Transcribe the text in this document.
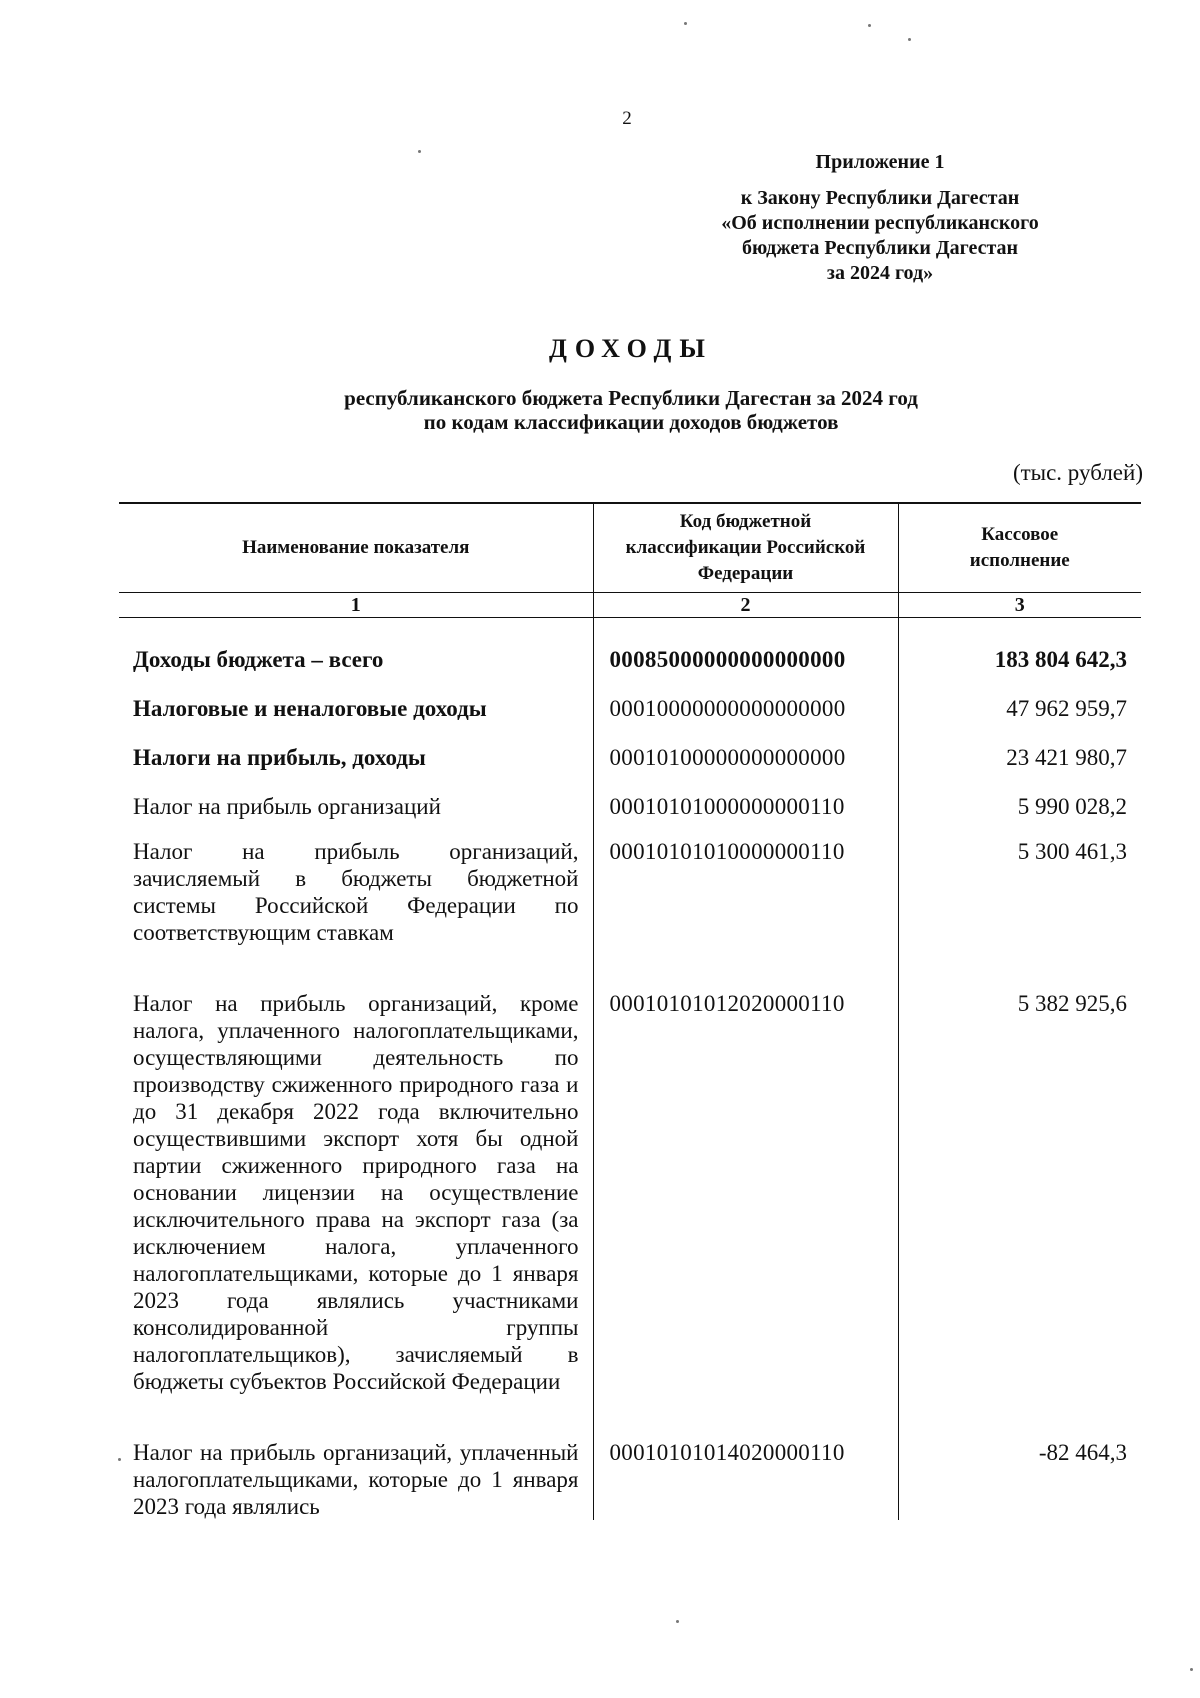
2
Приложение 1
к Закону Республики Дагестан
«Об исполнении республиканского
бюджета Республики Дагестан
за 2024 год»
ДОХОДЫ
республиканского бюджета Республики Дагестан за 2024 год
по кодам классификации доходов бюджетов
(тыс. рублей)
Наименование показателя	Код бюджетной классификации Российской Федерации	Кассовое исполнение
1	2	3
Доходы бюджета – всего	00085000000000000000	183 804 642,3
Налоговые и неналоговые доходы	00010000000000000000	47 962 959,7
Налоги на прибыль, доходы	00010100000000000000	23 421 980,7
Налог на прибыль организаций	00010101000000000110	5 990 028,2
Налог на прибыль организаций, зачисляемый в бюджеты бюджетной системы Российской Федерации по соответствующим ставкам	00010101010000000110	5 300 461,3
Налог на прибыль организаций, кроме налога, уплаченного налогоплательщиками, осуществляющими деятельность по производству сжиженного природного газа и до 31 декабря 2022 года включительно осуществившими экспорт хотя бы одной партии сжиженного природного газа на основании лицензии на осуществление исключительного права на экспорт газа (за исключением налога, уплаченного налогоплательщиками, которые до 1 января 2023 года являлись участниками консолидированной группы налогоплательщиков), зачисляемый в бюджеты субъектов Российской Федерации	00010101012020000110	5 382 925,6
Налог на прибыль организаций, уплаченный налогоплательщиками, которые до 1 января 2023 года являлись	00010101014020000110	-82 464,3
